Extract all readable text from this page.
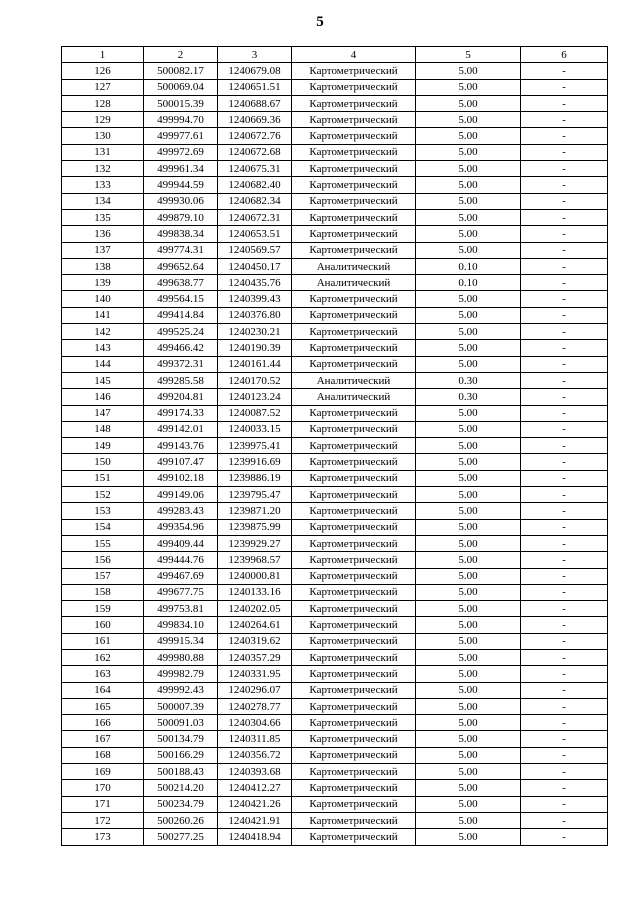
5
1	2	3	4	5	6
126	500082.17	1240679.08	Картометрический	5.00	-
127	500069.04	1240651.51	Картометрический	5.00	-
128	500015.39	1240688.67	Картометрический	5.00	-
129	499994.70	1240669.36	Картометрический	5.00	-
130	499977.61	1240672.76	Картометрический	5.00	-
131	499972.69	1240672.68	Картометрический	5.00	-
132	499961.34	1240675.31	Картометрический	5.00	-
133	499944.59	1240682.40	Картометрический	5.00	-
134	499930.06	1240682.34	Картометрический	5.00	-
135	499879.10	1240672.31	Картометрический	5.00	-
136	499838.34	1240653.51	Картометрический	5.00	-
137	499774.31	1240569.57	Картометрический	5.00	-
138	499652.64	1240450.17	Аналитический	0.10	-
139	499638.77	1240435.76	Аналитический	0.10	-
140	499564.15	1240399.43	Картометрический	5.00	-
141	499414.84	1240376.80	Картометрический	5.00	-
142	499525.24	1240230.21	Картометрический	5.00	-
143	499466.42	1240190.39	Картометрический	5.00	-
144	499372.31	1240161.44	Картометрический	5.00	-
145	499285.58	1240170.52	Аналитический	0.30	-
146	499204.81	1240123.24	Аналитический	0.30	-
147	499174.33	1240087.52	Картометрический	5.00	-
148	499142.01	1240033.15	Картометрический	5.00	-
149	499143.76	1239975.41	Картометрический	5.00	-
150	499107.47	1239916.69	Картометрический	5.00	-
151	499102.18	1239886.19	Картометрический	5.00	-
152	499149.06	1239795.47	Картометрический	5.00	-
153	499283.43	1239871.20	Картометрический	5.00	-
154	499354.96	1239875.99	Картометрический	5.00	-
155	499409.44	1239929.27	Картометрический	5.00	-
156	499444.76	1239968.57	Картометрический	5.00	-
157	499467.69	1240000.81	Картометрический	5.00	-
158	499677.75	1240133.16	Картометрический	5.00	-
159	499753.81	1240202.05	Картометрический	5.00	-
160	499834.10	1240264.61	Картометрический	5.00	-
161	499915.34	1240319.62	Картометрический	5.00	-
162	499980.88	1240357.29	Картометрический	5.00	-
163	499982.79	1240331.95	Картометрический	5.00	-
164	499992.43	1240296.07	Картометрический	5.00	-
165	500007.39	1240278.77	Картометрический	5.00	-
166	500091.03	1240304.66	Картометрический	5.00	-
167	500134.79	1240311.85	Картометрический	5.00	-
168	500166.29	1240356.72	Картометрический	5.00	-
169	500188.43	1240393.68	Картометрический	5.00	-
170	500214.20	1240412.27	Картометрический	5.00	-
171	500234.79	1240421.26	Картометрический	5.00	-
172	500260.26	1240421.91	Картометрический	5.00	-
173	500277.25	1240418.94	Картометрический	5.00	-
